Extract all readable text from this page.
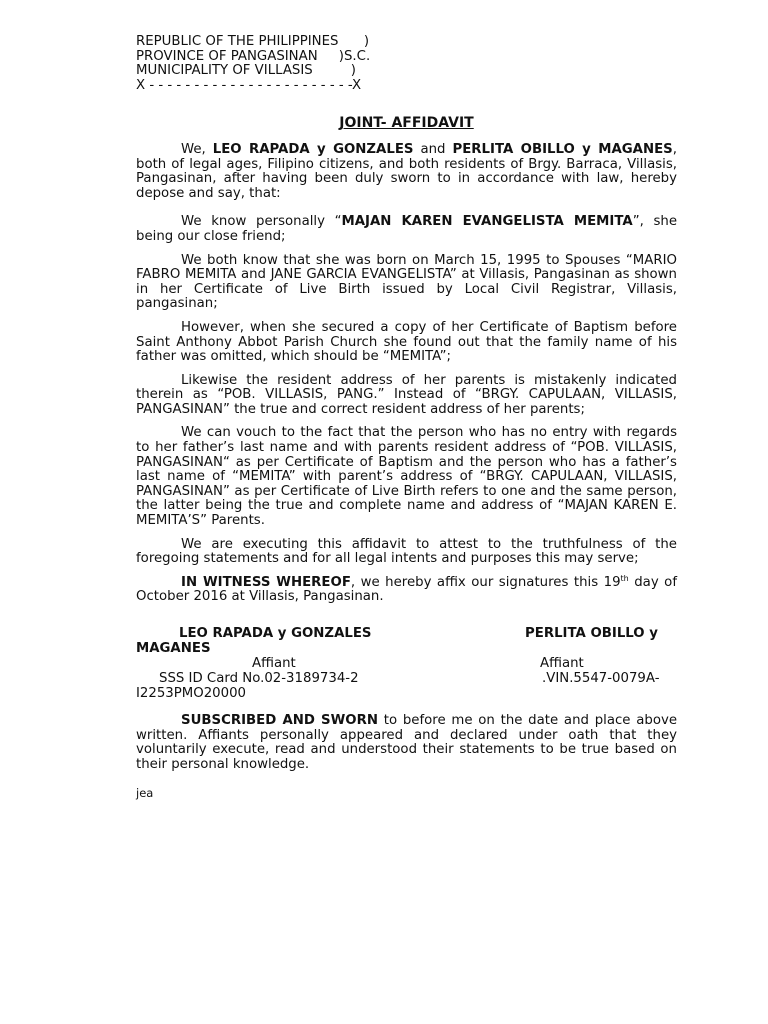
REPUBLIC OF THE PHILIPPINES      )

PROVINCE OF PANGASINAN     )S.C.

MUNICIPALITY OF VILLASIS         )

X - - - - - - - - - - - - - - - - - - - - - - -X

JOINT- AFFIDAVIT

We, LEO RAPADA y GONZALES and PERLITA OBILLO y MAGANES, both of legal ages, Filipino citizens, and both residents of Brgy. Barraca, Villasis, Pangasinan, after having been duly sworn to in accordance with law, hereby depose and say, that:

We know personally “MAJAN KAREN EVANGELISTA MEMITA”, she being our close friend;

We both know that she was born on March 15, 1995 to Spouses “MARIO FABRO MEMITA and JANE GARCIA EVANGELISTA” at Villasis, Pangasinan as shown in her Certificate of Live Birth issued by Local Civil Registrar, Villasis, pangasinan;

However, when she secured a copy of her Certificate of Baptism before Saint Anthony Abbot Parish Church she found out that the family name of his father was omitted, which should be “MEMITA”;

Likewise the resident address of her parents is mistakenly indicated therein as “POB. VILLASIS, PANG.” Instead of “BRGY. CAPULAAN, VILLASIS, PANGASINAN” the true and correct resident address of her parents;

We can vouch to the fact that the person who has no entry with regards to her father’s last name and with parents resident address of “POB. VILLASIS, PANGASINAN“ as per Certificate of Baptism and the person who has a father’s last name of “MEMITA” with parent’s address of “BRGY. CAPULAAN, VILLASIS, PANGASINAN” as per Certificate of Live Birth refers to one and the same person, the latter being the true and complete name and address of “MAJAN KAREN E. MEMITA’S” Parents.

We are executing this affidavit to attest to the truthfulness of the foregoing statements and for all legal intents and purposes this may serve;

IN WITNESS WHEREOF, we hereby affix our signatures this 19th day of October 2016 at Villasis, Pangasinan.

LEO RAPADA y GONZALES	PERLITA OBILLO y
MAGANES
Affiant	Affiant
SSS ID Card No.02-3189734-2	.VIN.5547-0079A-
I2253PMO20000

SUBSCRIBED AND SWORN to before me on the date and place above written. Affiants personally appeared and declared under oath that they voluntarily execute, read and understood their statements to be true based on their personal knowledge.

jea
